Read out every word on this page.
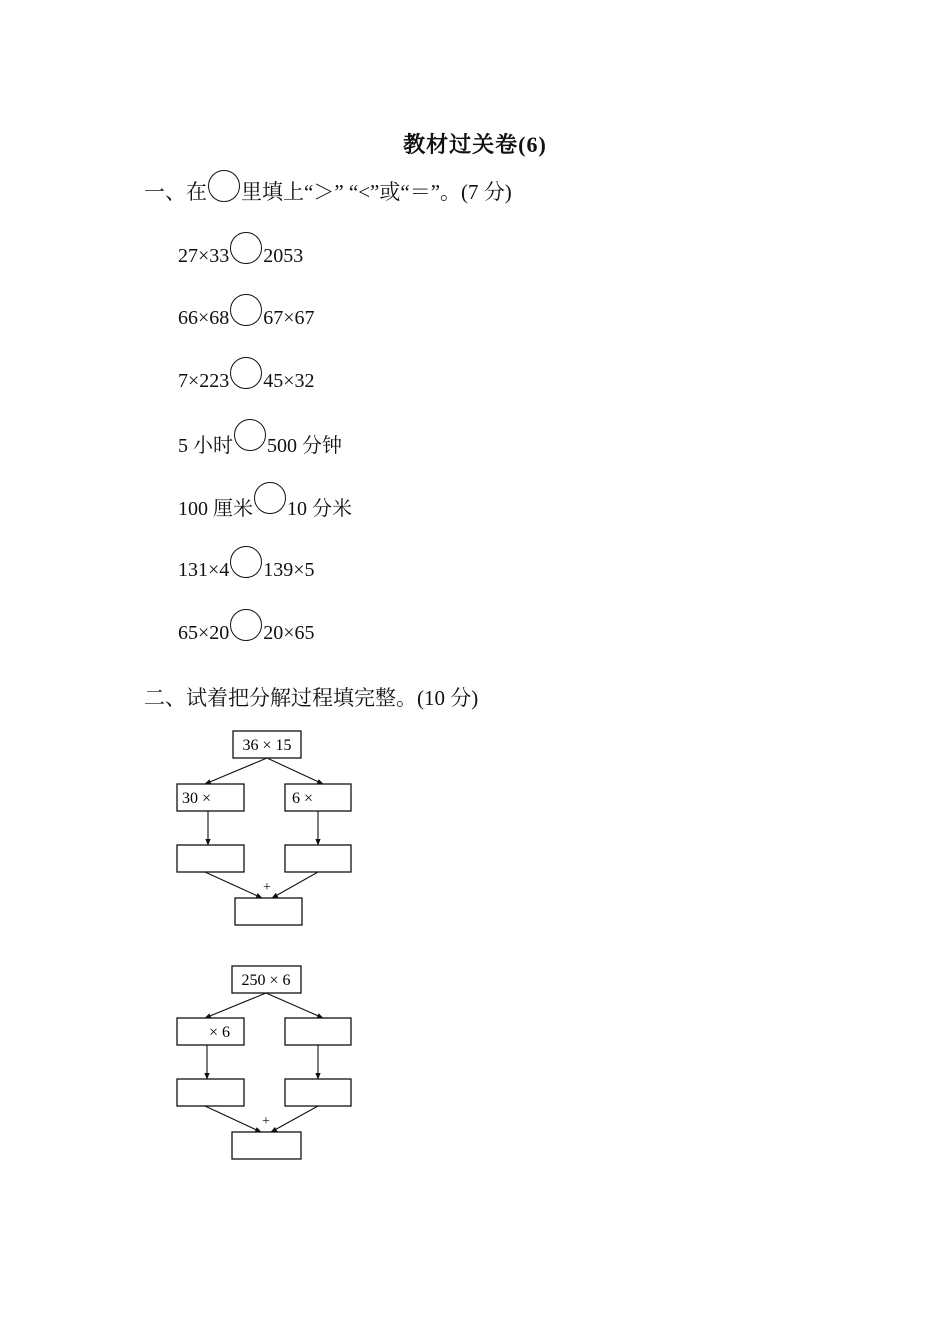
教材过关卷(6)
一、在 里填上“＞” “<”或“＝”。(7 分)
27×33 2053
66×68 67×67
7×223 45×32
5 小时 500 分钟
100 厘米 10 分米
131×4 139×5
65×20 20×65
二、试着把分解过程填完整。(10 分)
36 × 15
30 ×	6 ×
+
250 × 6
× 6
+
